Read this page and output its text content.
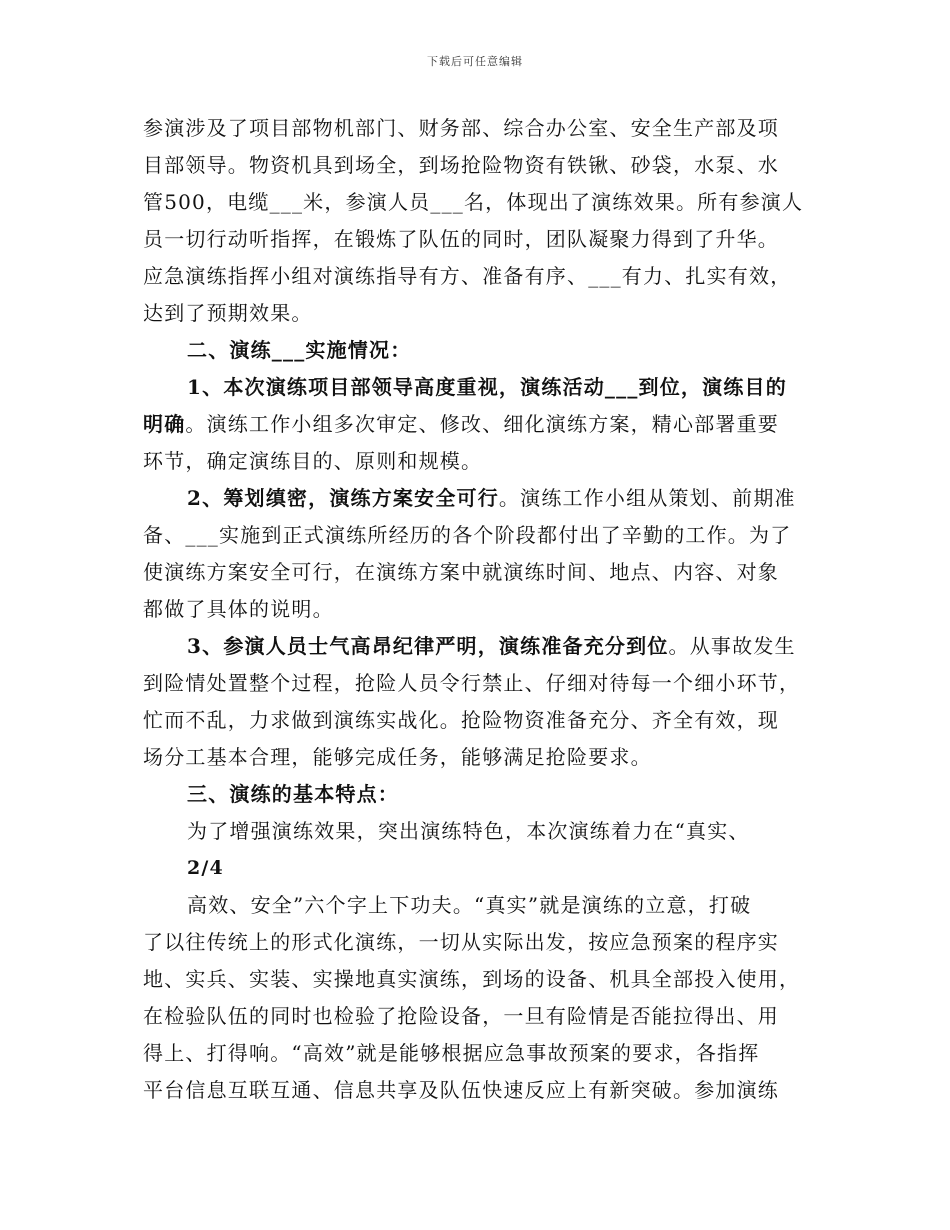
下载后可任意编辑
参演涉及了项目部物机部门、财务部、综合办公室、安全生产部及项
目部领导。物资机具到场全，到场抢险物资有铁锹、砂袋，水泵、水
管500，电缆___米，参演人员___名，体现出了演练效果。所有参演人
员一切行动听指挥，在锻炼了队伍的同时，团队凝聚力得到了升华。
应急演练指挥小组对演练指导有方、准备有序、___有力、扎实有效，
达到了预期效果。
二、演练___实施情况：
1、本次演练项目部领导高度重视，演练活动___到位，演练目的
明确。演练工作小组多次审定、修改、细化演练方案，精心部署重要
环节，确定演练目的、原则和规模。
2、筹划缜密，演练方案安全可行。演练工作小组从策划、前期准
备、___实施到正式演练所经历的各个阶段都付出了辛勤的工作。为了
使演练方案安全可行，在演练方案中就演练时间、地点、内容、对象
都做了具体的说明。
3、参演人员士气高昂纪律严明，演练准备充分到位。从事故发生
到险情处置整个过程，抢险人员令行禁止、仔细对待每一个细小环节，
忙而不乱，力求做到演练实战化。抢险物资准备充分、齐全有效，现
场分工基本合理，能够完成任务，能够满足抢险要求。
三、演练的基本特点：
为了增强演练效果，突出演练特色，本次演练着力在“真实、
2/4
高效、安全”六个字上下功夫。“真实”就是演练的立意，打破
了以往传统上的形式化演练，一切从实际出发，按应急预案的程序实
地、实兵、实装、实操地真实演练，到场的设备、机具全部投入使用，
在检验队伍的同时也检验了抢险设备，一旦有险情是否能拉得出、用
得上、打得响。“高效”就是能够根据应急事故预案的要求，各指挥
平台信息互联互通、信息共享及队伍快速反应上有新突破。参加演练
